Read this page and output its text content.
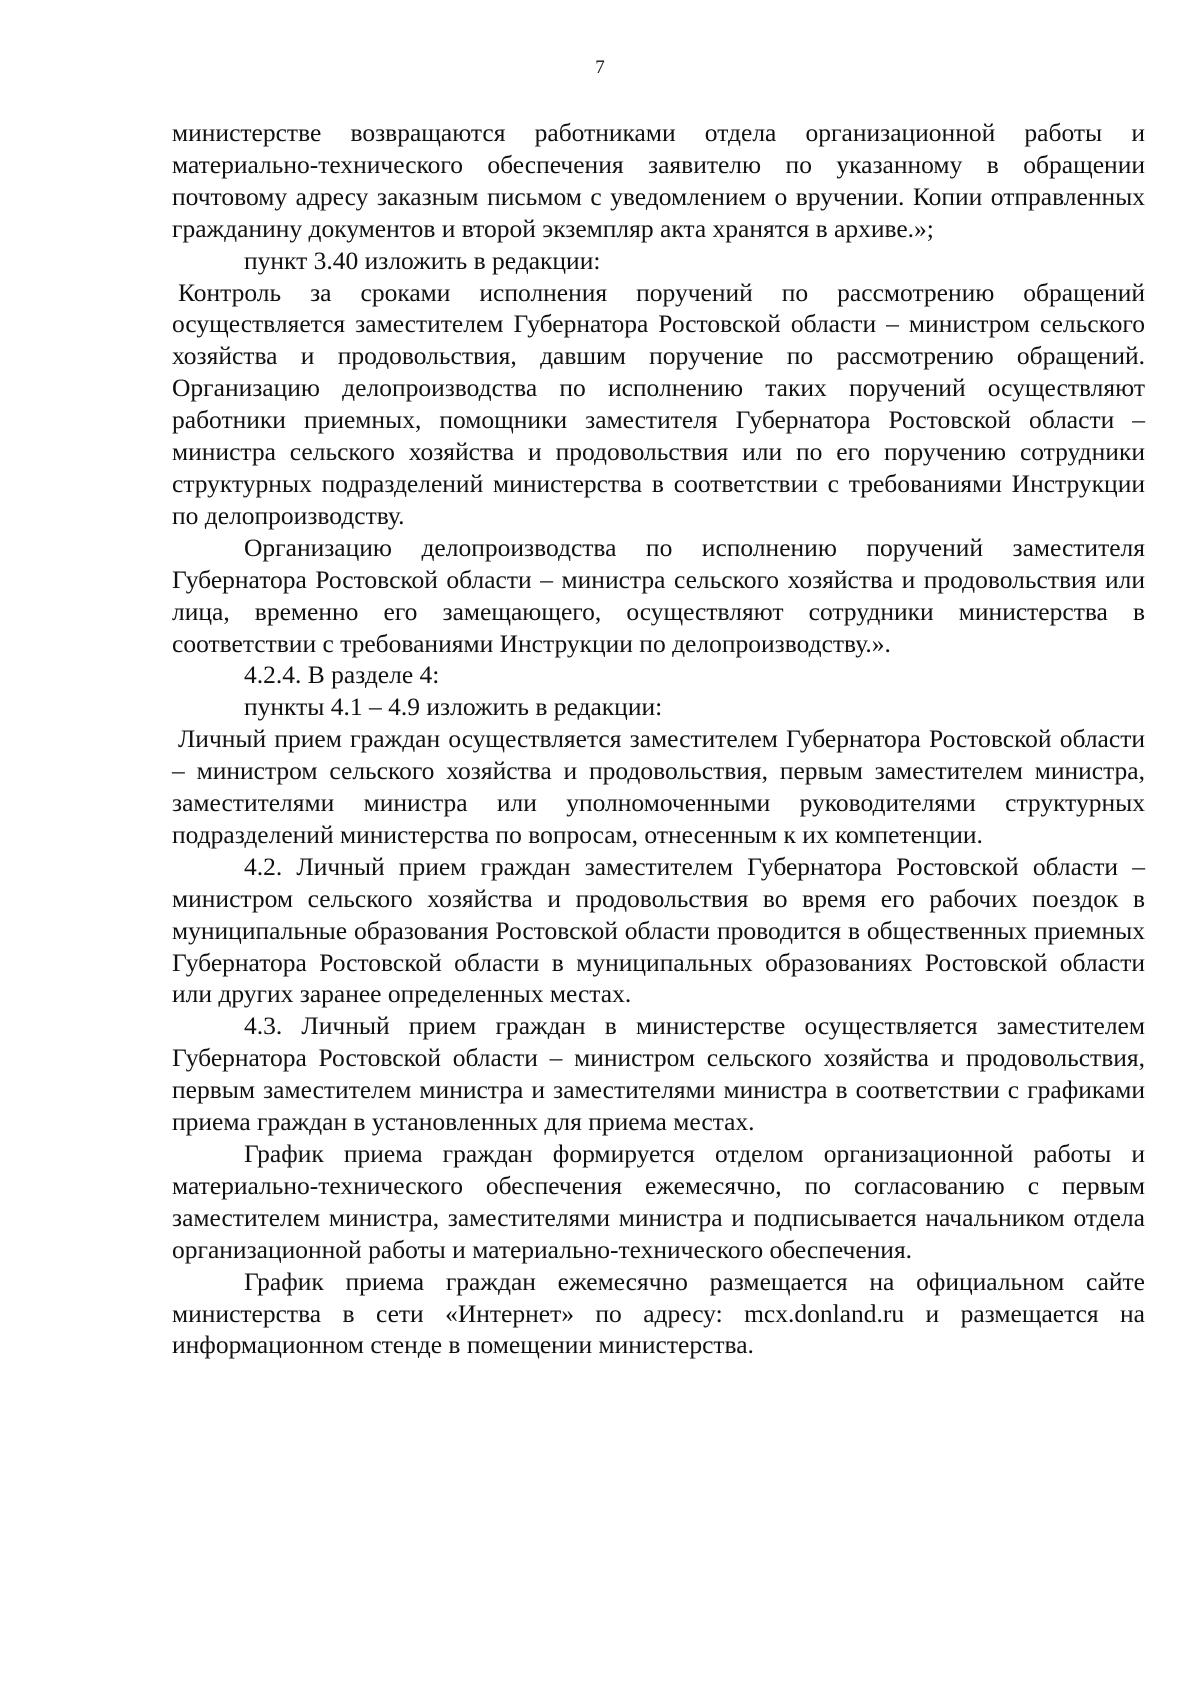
7

министерстве возвращаются работниками отдела организационной работы и материально-технического обеспечения заявителю по указанному в обращении почтовому адресу заказным письмом с уведомлением о вручении. Копии отправленных гражданину документов и второй экземпляр акта хранятся в архиве.»;

пункт 3.40 изложить в редакции:

Контроль за сроками исполнения поручений по рассмотрению обращений осуществляется заместителем Губернатора Ростовской области – министром сельского хозяйства и продовольствия, давшим поручение по рассмотрению обращений. Организацию делопроизводства по исполнению таких поручений осуществляют работники приемных, помощники заместителя Губернатора Ростовской области – министра сельского хозяйства и продовольствия или по его поручению сотрудники структурных подразделений министерства в соответствии с требованиями Инструкции по делопроизводству.

Организацию делопроизводства по исполнению поручений заместителя Губернатора Ростовской области – министра сельского хозяйства и продовольствия или лица, временно его замещающего, осуществляют сотрудники министерства в соответствии с требованиями Инструкции по делопроизводству.».

4.2.4. В разделе 4:

пункты 4.1 – 4.9 изложить в редакции:

Личный прием граждан осуществляется заместителем Губернатора Ростовской области – министром сельского хозяйства и продовольствия, первым заместителем министра, заместителями министра или уполномоченными руководителями структурных подразделений министерства по вопросам, отнесенным к их компетенции.

4.2. Личный прием граждан заместителем Губернатора Ростовской области – министром сельского хозяйства и продовольствия во время его рабочих поездок в муниципальные образования Ростовской области проводится в общественных приемных Губернатора Ростовской области в муниципальных образованиях Ростовской области или других заранее определенных местах.

4.3. Личный прием граждан в министерстве осуществляется заместителем Губернатора Ростовской области – министром сельского хозяйства и продовольствия, первым заместителем министра и заместителями министра в соответствии с графиками приема граждан в установленных для приема местах.

График приема граждан формируется отделом организационной работы и материально-технического обеспечения ежемесячно, по согласованию с первым заместителем министра, заместителями министра и подписывается начальником отдела организационной работы и материально-технического обеспечения.

График приема граждан ежемесячно размещается на официальном сайте министерства в сети «Интернет» по адресу: mcx.donland.ru и размещается на информационном стенде в помещении министерства.
